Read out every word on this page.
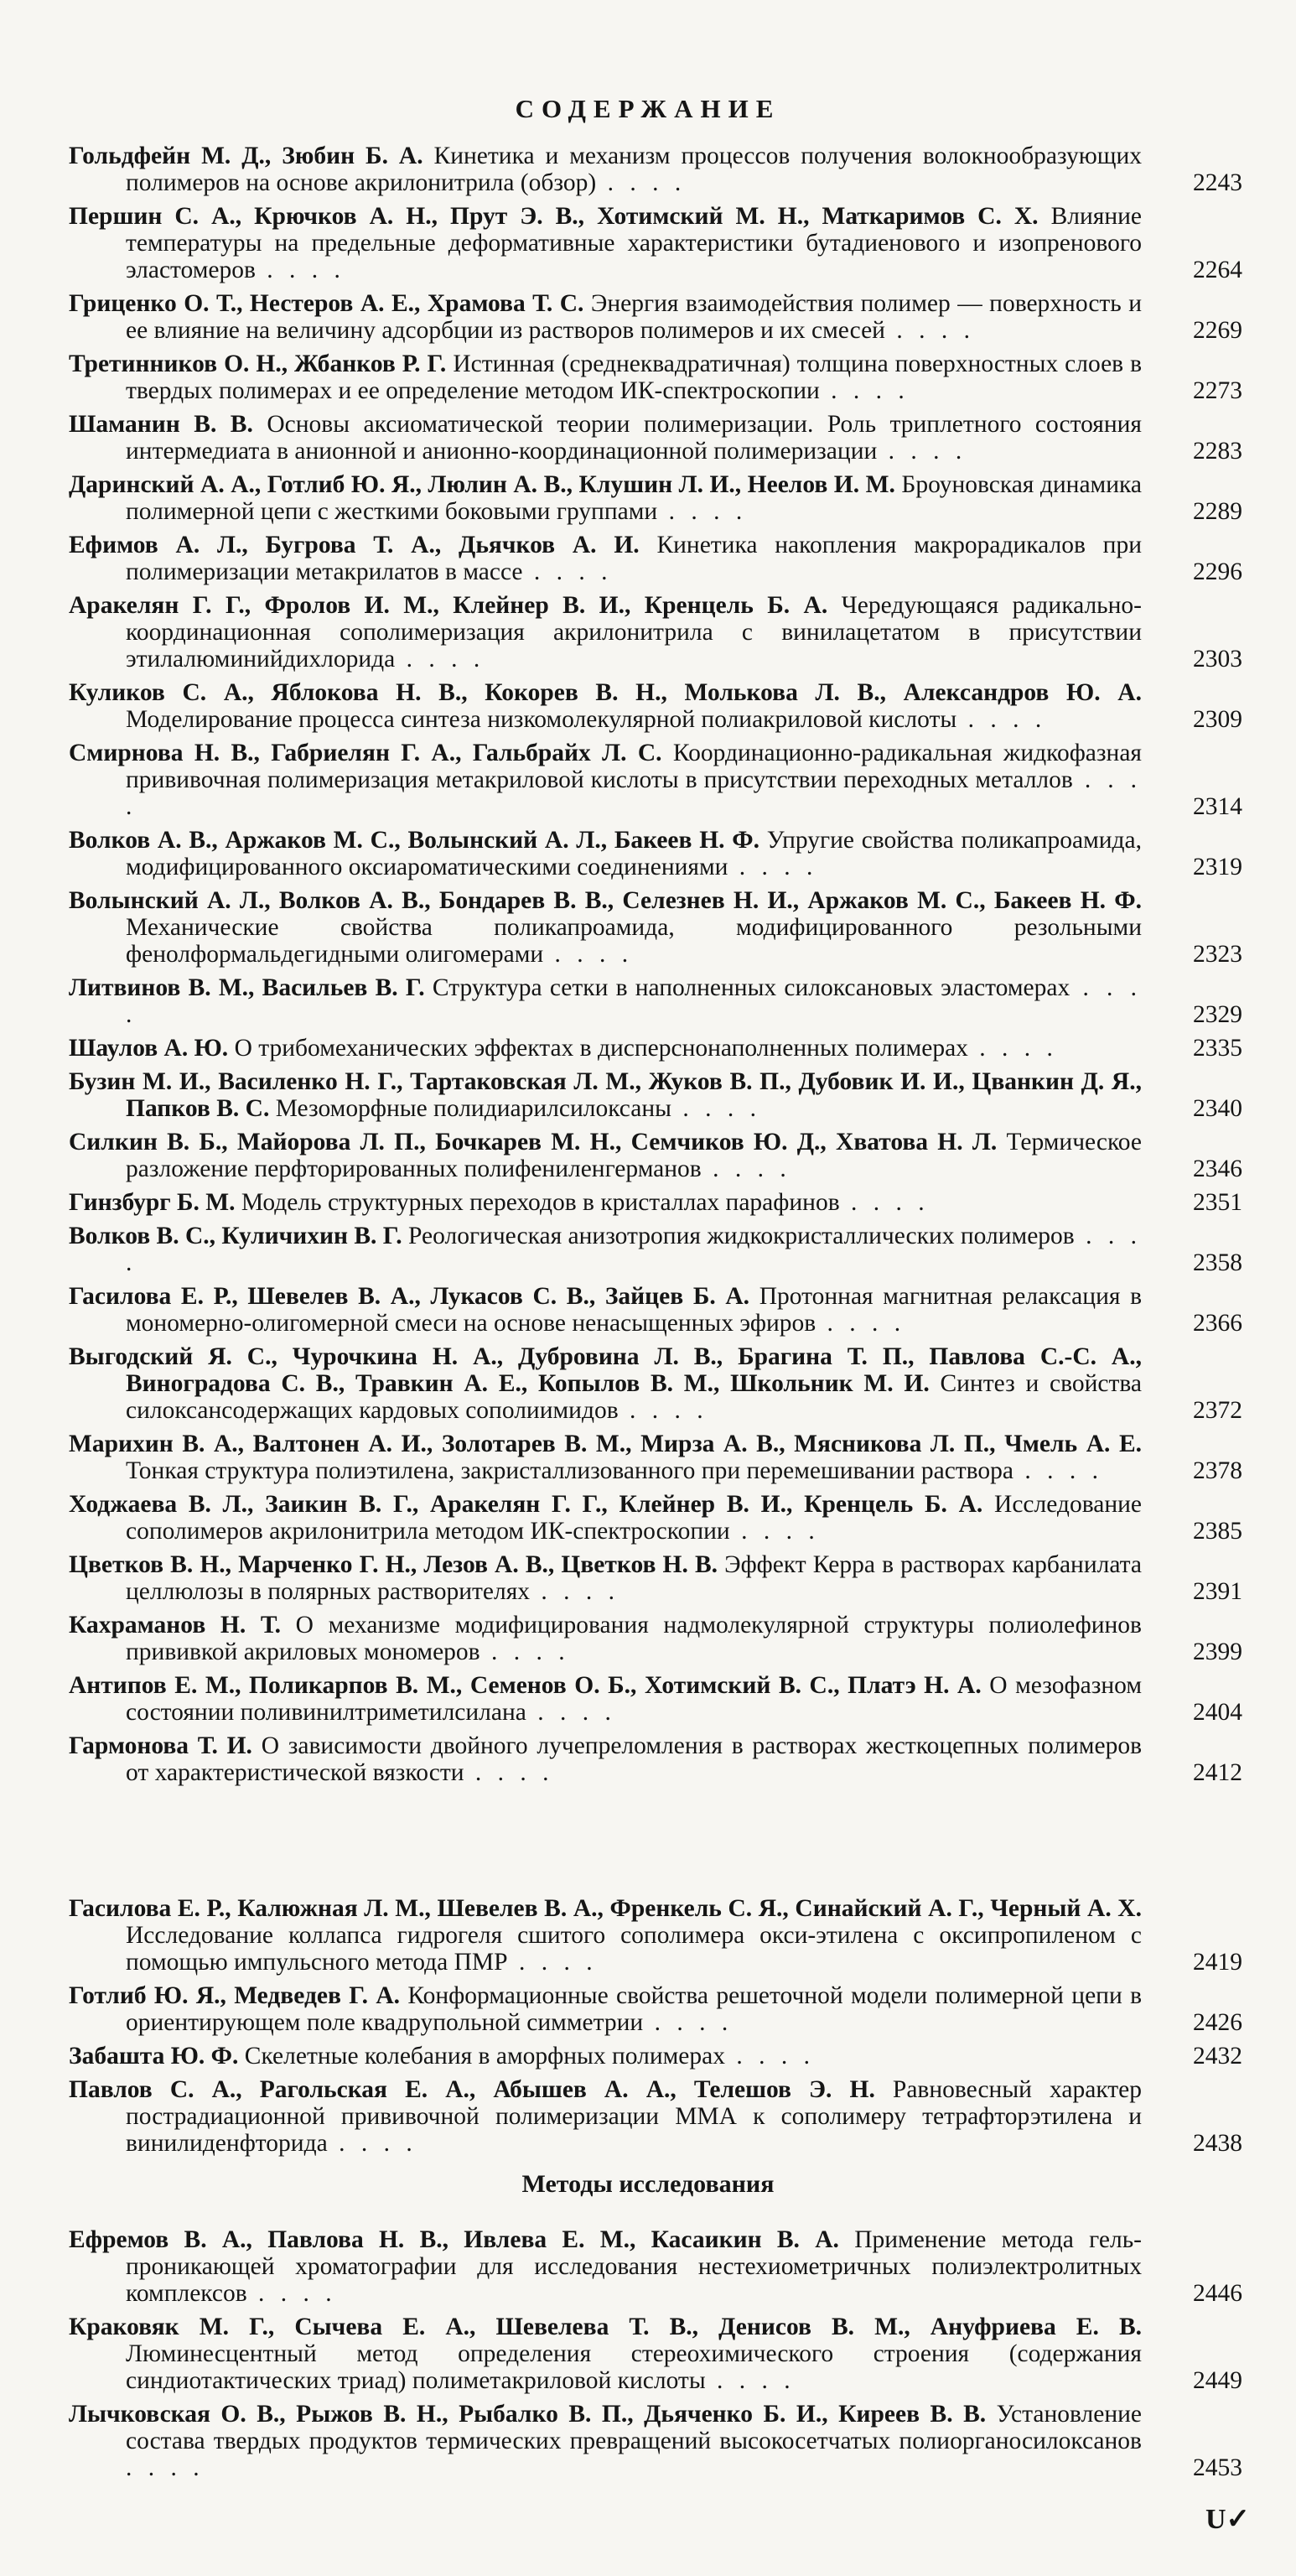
СОДЕРЖАНИЕ
Гольдфейн М. Д., Зюбин Б. А. Кинетика и механизм процессов получения волокнообразующих полимеров на основе акрилонитрила (обзор) . . . .	2243
Першин С. А., Крючков А. Н., Прут Э. В., Хотимский М. Н., Маткаримов С. Х. Влияние температуры на предельные деформативные характеристики бутадиенового и изопренового эластомеров . . . .	2264
Гриценко О. Т., Нестеров А. Е., Храмова Т. С. Энергия взаимодействия полимер — поверхность и ее влияние на величину адсорбции из растворов полимеров и их смесей . . . .	2269
Третинников О. Н., Жбанков Р. Г. Истинная (среднеквадратичная) толщина поверхностных слоев в твердых полимерах и ее определение методом ИК-спектроскопии . . . .	2273
Шаманин В. В. Основы аксиоматической теории полимеризации. Роль триплетного состояния интермедиата в анионной и анионно-координационной полимеризации . . . .	2283
Даринский А. А., Готлиб Ю. Я., Люлин А. В., Клушин Л. И., Неелов И. М. Броуновская динамика полимерной цепи с жесткими боковыми группами . . . .	2289
Ефимов А. Л., Бугрова Т. А., Дьячков А. И. Кинетика накопления макрорадикалов при полимеризации метакрилатов в массе . . . .	2296
Аракелян Г. Г., Фролов И. М., Клейнер В. И., Кренцель Б. А. Чередующаяся радикально-координационная сополимеризация акрилонитрила с винилацетатом в присутствии этилалюминийдихлорида . . . .	2303
Куликов С. А., Яблокова Н. В., Кокорев В. Н., Молькова Л. В., Александров Ю. А. Моделирование процесса синтеза низкомолекулярной полиакриловой кислоты . . . .	2309
Смирнова Н. В., Габриелян Г. А., Гальбрайх Л. С. Координационно-радикальная жидкофазная прививочная полимеризация метакриловой кислоты в присутствии переходных металлов . . . .	2314
Волков А. В., Аржаков М. С., Волынский А. Л., Бакеев Н. Ф. Упругие свойства поликапроамида, модифицированного оксиароматическими соединениями . . . .	2319
Волынский А. Л., Волков А. В., Бондарев В. В., Селезнев Н. И., Аржаков М. С., Бакеев Н. Ф. Механические свойства поликапроамида, модифицированного резольными фенолформальдегидными олигомерами . . . .	2323
Литвинов В. М., Васильев В. Г. Структура сетки в наполненных силоксановых эластомерах . . . .	2329
Шаулов А. Ю. О трибомеханических эффектах в дисперснонаполненных полимерах . . . .	2335
Бузин М. И., Василенко Н. Г., Тартаковская Л. М., Жуков В. П., Дубовик И. И., Цванкин Д. Я., Папков В. С. Мезоморфные полидиарилсилоксаны . . . .	2340
Силкин В. Б., Майорова Л. П., Бочкарев М. Н., Семчиков Ю. Д., Хватова Н. Л. Термическое разложение перфторированных полифениленгерманов . . . .	2346
Гинзбург Б. М. Модель структурных переходов в кристаллах парафинов . . . .	2351
Волков В. С., Куличихин В. Г. Реологическая анизотропия жидкокристаллических полимеров . . . .	2358
Гасилова Е. Р., Шевелев В. А., Лукасов С. В., Зайцев Б. А. Протонная магнитная релаксация в мономерно-олигомерной смеси на основе ненасыщенных эфиров . . . .	2366
Выгодский Я. С., Чурочкина Н. А., Дубровина Л. В., Брагина Т. П., Павлова С.-С. А., Виноградова С. В., Травкин А. Е., Копылов В. М., Школьник М. И. Синтез и свойства силоксансодержащих кардовых сополиимидов . . . .	2372
Марихин В. А., Валтонен А. И., Золотарев В. М., Мирза А. В., Мясникова Л. П., Чмель А. Е. Тонкая структура полиэтилена, закристаллизованного при перемешивании раствора . . . .	2378
Ходжаева В. Л., Заикин В. Г., Аракелян Г. Г., Клейнер В. И., Кренцель Б. А. Исследование сополимеров акрилонитрила методом ИК-спектроскопии . . . .	2385
Цветков В. Н., Марченко Г. Н., Лезов А. В., Цветков Н. В. Эффект Керра в растворах карбанилата целлюлозы в полярных растворителях . . . .	2391
Кахраманов Н. Т. О механизме модифицирования надмолекулярной структуры полиолефинов прививкой акриловых мономеров . . . .	2399
Антипов Е. М., Поликарпов В. М., Семенов О. Б., Хотимский В. С., Платэ Н. А. О мезофазном состоянии поливинилтриметилсилана . . . .	2404
Гармонова Т. И. О зависимости двойного лучепреломления в растворах жесткоцепных полимеров от характеристической вязкости . . . .	2412
Гасилова Е. Р., Калюжная Л. М., Шевелев В. А., Френкель С. Я., Синайский А. Г., Черный А. Х. Исследование коллапса гидрогеля сшитого сополимера окси-этилена с оксипропиленом с помощью импульсного метода ПМР . . . .	2419
Готлиб Ю. Я., Медведев Г. А. Конформационные свойства решеточной модели полимерной цепи в ориентирующем поле квадрупольной симметрии . . . .	2426
Забашта Ю. Ф. Скелетные колебания в аморфных полимерах . . . .	2432
Павлов С. А., Рагольская Е. А., Абышев А. А., Телешов Э. Н. Равновесный характер пострадиационной прививочной полимеризации ММА к сополимеру тетрафторэтилена и винилиденфторида . . . .	2438
Методы исследования
Ефремов В. А., Павлова Н. В., Ивлева Е. М., Касаикин В. А. Применение метода гель-проникающей хроматографии для исследования нестехиометричных полиэлектролитных комплексов . . . .	2446
Краковяк М. Г., Сычева Е. А., Шевелева Т. В., Денисов В. М., Ануфриева Е. В. Люминесцентный метод определения стереохимического строения (содержания синдиотактических триад) полиметакриловой кислоты . . . .	2449
Лычковская О. В., Рыжов В. Н., Рыбалко В. П., Дьяченко Б. И., Киреев В. В. Установление состава твердых продуктов термических превращений высокосетчатых полиорганосилоксанов . . . .	2453
U✓
